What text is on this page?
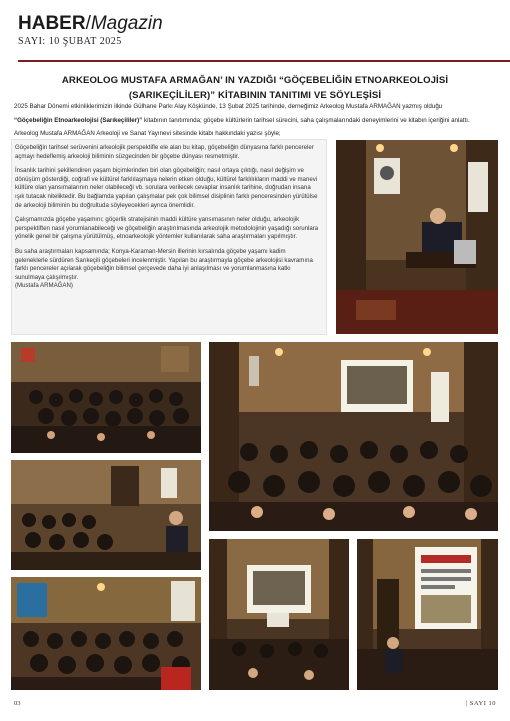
HABER/Magazin
SAYI: 10 ŞUBAT 2025
ARKEOLOG MUSTAFA ARMAĞAN’ IN YAZDIĞI “GÖÇEBELİĞİN ETNOARKEOLOJİSİ
(SARIKEÇİLİLER)” KİTABININ TANITIMI VE SÖYLEŞİSİ
2025 Bahar Dönemi etkinliklerimizin ilkinde Gülhane Parkı Alay Köşkünde, 13 Şubat 2025 tarihinde, derneğimiz Arkeolog Mustafa ARMAĞAN yazmış olduğu
“Göçebeliğin Etnoarkeolojisi (Sarıkeçililer)” kitabının tanıtımında; göçebe kültürlerin tarihsel sürecini, saha çalışmalarındaki deneyimlerini ve kitabın içeriğini anlattı.
Arkeolog Mustafa ARMAĞAN Arkeoloji ve Sanat Yayınevi sitesinde kitabı hakkındaki yazısı şöyle;

Göçebeliğin tarihsel serüvenini arkeolojik perspektifle ele alan bu kitap, göçebeliğin dünyasına farklı pencereler açmayı hedeflemiş arkeoloji biliminin süzgecinden bir göçebe dünyası resmetmiştir.

İnsanlık tarihini şekillendiren yaşam biçimlerinden biri olan göçebeliğin; nasıl ortaya çıktığı, nasıl değişim ve dönüşüm gösterdiği, coğrafi ve kültürel farklılaşmaya nelerin etken olduğu, kültürel farklılıkların maddi ve manevi kültüre olan yansımalarının neler olabileceği vb. sorulara verilecek cevaplar insanlık tarihine, doğrudan insana ışık tutacak niteliktedir. Bu bağlamda yapılan çalışmalar pek çok bilimsel disiplinin farklı penceresinden yürütülse de arkeoloji biliminin bu doğrultuda söyleyecekleri ayrıca önemlidir.

Çalışmamızda göçebe yaşamını; göçerlik stratejisinin maddi kültüre yansımasının neler olduğu, arkeolojik perspektiften nasıl yorumlanabileceği ve göçebeliğin araştırılmasında arkeolojik metodolojinin yaşadığı sorunlara yönelik genel bir çalışma yürütülmüş, etnoarkeolojik yöntemler kullanılarak saha araştırmaları yapılmıştır.

Bu saha araştırmaları kapsamında; Konya-Karaman-Mersin illerinin kırsalında göçebe yaşamı kadim geleneklerle sürdüren Sarıkeçili göçebeleri incelenmiştir. Yapılan bu araştırmayla göçebe arkeolojisi kavramına farklı pencereler açılarak göçebeliğin bilimsel çerçevede daha iyi anlaşılması ve yorumlanmasına katkı sunulmaya çalışılmıştır.

(Mustafa ARMAĞAN)
03	| SAYI 10
